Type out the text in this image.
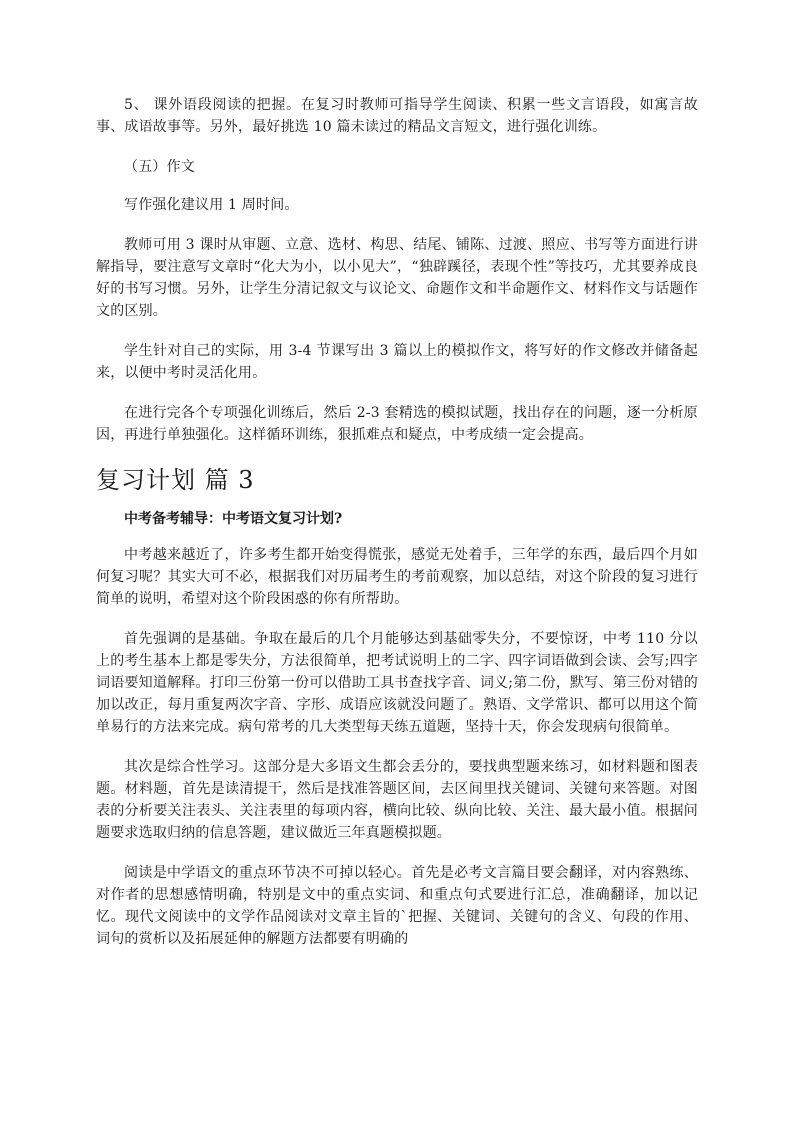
5、 课外语段阅读的把握。在复习时教师可指导学生阅读、积累一些文言语段，如寓言故事、成语故事等。另外，最好挑选 10 篇未读过的精品文言短文，进行强化训练。

（五）作文

写作强化建议用 1 周时间。

教师可用 3 课时从审题、立意、选材、构思、结尾、铺陈、过渡、照应、书写等方面进行讲解指导，要注意写文章时“化大为小，以小见大”，“独辟蹊径，表现个性”等技巧，尤其要养成良好的书写习惯。另外，让学生分清记叙文与议论文、命题作文和半命题作文、材料作文与话题作文的区别。

学生针对自己的实际，用 3-4 节课写出 3 篇以上的模拟作文，将写好的作文修改并储备起来，以便中考时灵活化用。

在进行完各个专项强化训练后，然后 2-3 套精选的模拟试题，找出存在的问题，逐一分析原因，再进行单独强化。这样循环训练，狠抓难点和疑点，中考成绩一定会提高。

复习计划 篇 3

中考备考辅导：中考语文复习计划?

中考越来越近了，许多考生都开始变得慌张，感觉无处着手，三年学的东西，最后四个月如何复习呢？其实大可不必，根据我们对历届考生的考前观察，加以总结，对这个阶段的复习进行简单的说明，希望对这个阶段困惑的你有所帮助。

首先强调的是基础。争取在最后的几个月能够达到基础零失分，不要惊讶，中考 110 分以上的考生基本上都是零失分，方法很简单，把考试说明上的二字、四字词语做到会读、会写;四字词语要知道解释。打印三份第一份可以借助工具书查找字音、词义;第二份，默写、第三份对错的加以改正，每月重复两次字音、字形、成语应该就没问题了。熟语、文学常识、都可以用这个简单易行的方法来完成。病句常考的几大类型每天练五道题，坚持十天，你会发现病句很简单。

其次是综合性学习。这部分是大多语文生都会丢分的，要找典型题来练习，如材料题和图表题。材料题，首先是读清提干，然后是找准答题区间，去区间里找关键词、关键句来答题。对图表的分析要关注表头、关注表里的每项内容，横向比较、纵向比较、关注、最大最小值。根据问题要求选取归纳的信息答题，建议做近三年真题模拟题。

阅读是中学语文的重点环节决不可掉以轻心。首先是必考文言篇目要会翻译，对内容熟练、对作者的思想感情明确，特别是文中的重点实词、和重点句式要进行汇总，准确翻译，加以记忆。现代文阅读中的文学作品阅读对文章主旨的`把握、关键词、关键句的含义、句段的作用、词句的赏析以及拓展延伸的解题方法都要有明确的
